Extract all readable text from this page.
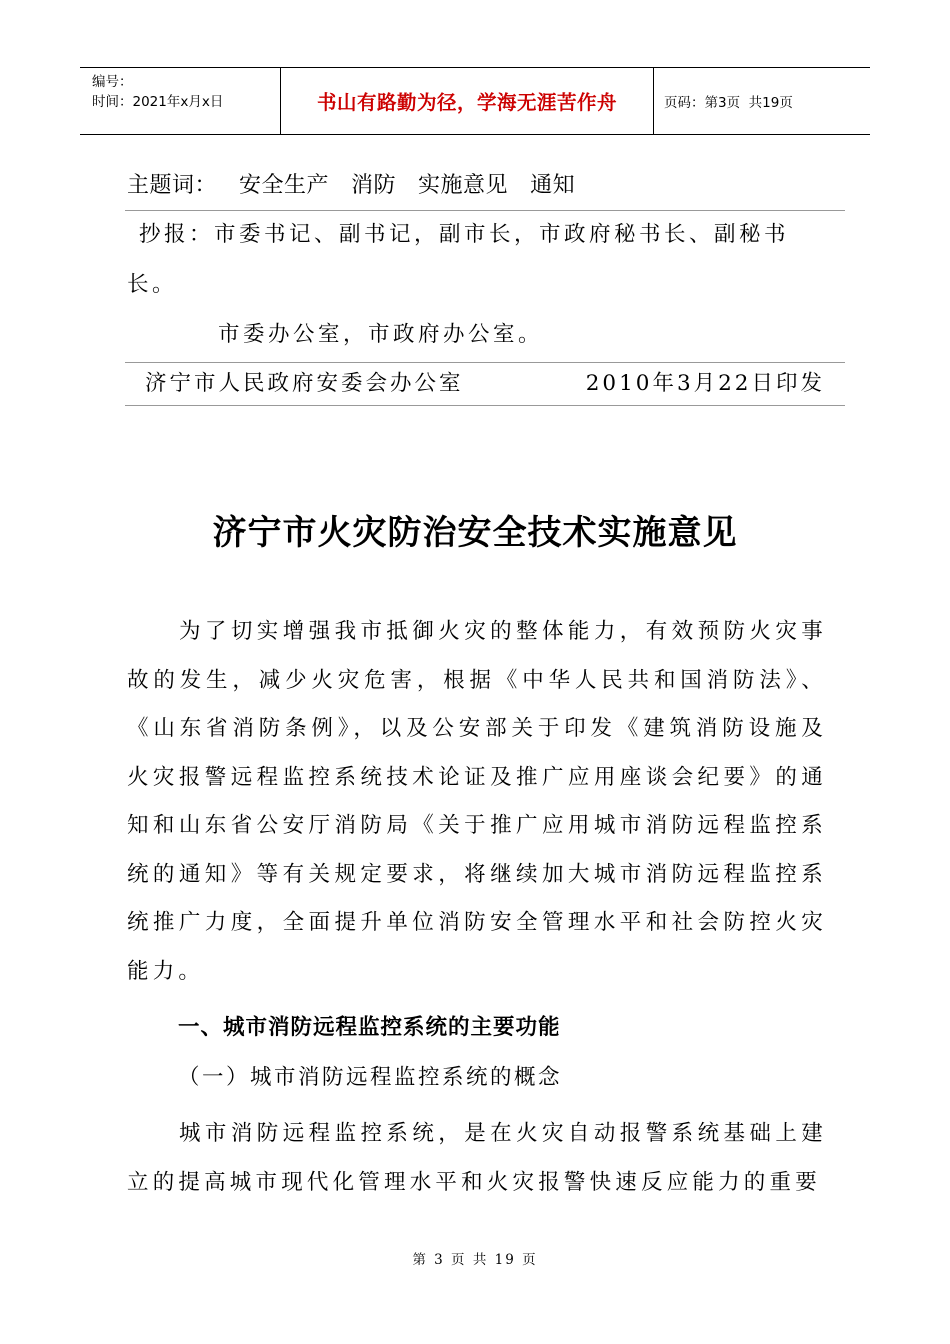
编号：
时间：2021年x月x日	书山有路勤为径，学海无涯苦作舟	页码：第3页  共19页
主题词： 安全生产 消防 实施意见 通知
抄报：市委书记、副书记，副市长，市政府秘书长、副秘书长。
市委办公室，市政府办公室。
济宁市人民政府安委会办公室	2010年3月22日印发
济宁市火灾防治安全技术实施意见

为了切实增强我市抵御火灾的整体能力，有效预防火灾事故的发生，减少火灾危害，根据《中华人民共和国消防法》、《山东省消防条例》，以及公安部关于印发《建筑消防设施及火灾报警远程监控系统技术论证及推广应用座谈会纪要》的通知和山东省公安厅消防局《关于推广应用城市消防远程监控系统的通知》等有关规定要求，将继续加大城市消防远程监控系统推广力度，全面提升单位消防安全管理水平和社会防控火灾能力。

一、城市消防远程监控系统的主要功能
（一）城市消防远程监控系统的概念

城市消防远程监控系统，是在火灾自动报警系统基础上建立的提高城市现代化管理水平和火灾报警快速反应能力的重要

第 3 页 共 19 页
